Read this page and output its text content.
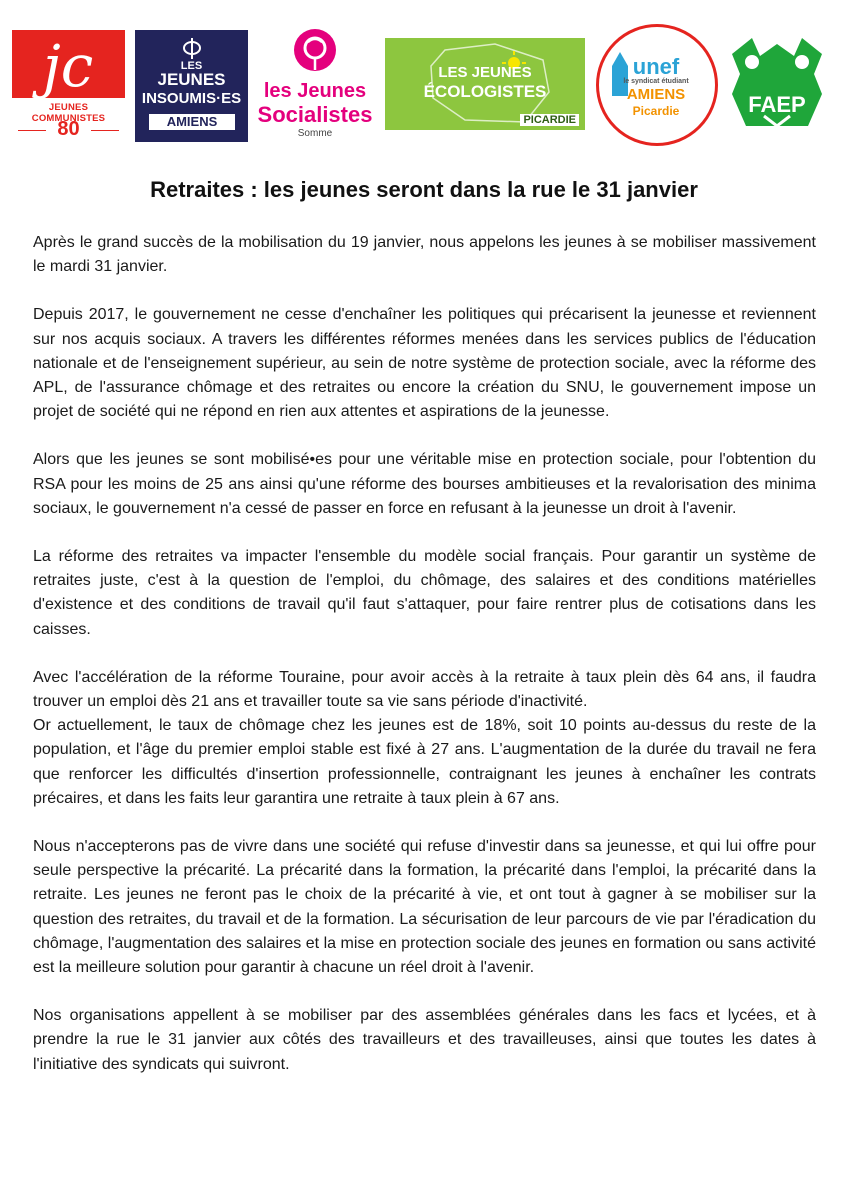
jc
JEUNES COMMUNISTES
80
LES
JEUNES
INSOUMIS·ES
AMIENS
les Jeunes
Socialistes
Somme
LES JEUNES
ÉCOLOGISTES
PICARDIE
unef
le syndicat étudiant
AMIENS
Picardie	FAEP
Retraites : les jeunes seront dans la rue le 31 janvier

Après le grand succès de la mobilisation du 19 janvier, nous appelons les jeunes à se mobiliser massivement le mardi 31 janvier.

Depuis 2017, le gouvernement ne cesse d'enchaîner les politiques qui précarisent la jeunesse et reviennent sur nos acquis sociaux. A travers les différentes réformes menées dans les services publics de l'éducation nationale et de l'enseignement supérieur, au sein de notre système de protection sociale, avec la réforme des APL, de l'assurance chômage et des retraites ou encore la création du SNU, le gouvernement impose un projet de société qui ne répond en rien aux attentes et aspirations de la jeunesse.

Alors que les jeunes se sont mobilisé•es pour une véritable mise en protection sociale, pour l'obtention du RSA pour les moins de 25 ans ainsi qu'une réforme des bourses ambitieuses et la revalorisation des minima sociaux, le gouvernement n'a cessé de passer en force en refusant à la jeunesse un droit à l'avenir.

La réforme des retraites va impacter l'ensemble du modèle social français. Pour garantir un système de retraites juste, c'est à la question de l'emploi, du chômage, des salaires et des conditions matérielles d'existence et des conditions de travail qu'il faut s'attaquer, pour faire rentrer plus de cotisations dans les caisses.

Avec l'accélération de la réforme Touraine, pour avoir accès à la retraite à taux plein dès 64 ans, il faudra trouver un emploi dès 21 ans et travailler toute sa vie sans période d'inactivité.

Or actuellement, le taux de chômage chez les jeunes est de 18%, soit 10 points au-dessus du reste de la population, et l'âge du premier emploi stable est fixé à 27 ans. L'augmentation de la durée du travail ne fera que renforcer les difficultés d'insertion professionnelle, contraignant les jeunes à enchaîner les contrats précaires, et dans les faits leur garantira une retraite à taux plein à 67 ans.

Nous n'accepterons pas de vivre dans une société qui refuse d'investir dans sa jeunesse, et qui lui offre pour seule perspective la précarité. La précarité dans la formation, la précarité dans l'emploi, la précarité dans la retraite. Les jeunes ne feront pas le choix de la précarité à vie, et ont tout à gagner à se mobiliser sur la question des retraites, du travail et de la formation. La sécurisation de leur parcours de vie par l'éradication du chômage, l'augmentation des salaires et la mise en protection sociale des jeunes en formation ou sans activité est la meilleure solution pour garantir à chacune un réel droit à l'avenir.

Nos organisations appellent à se mobiliser par des assemblées générales dans les facs et lycées, et à prendre la rue le 31 janvier aux côtés des travailleurs et des travailleuses, ainsi que toutes les dates à l'initiative des syndicats qui suivront.
